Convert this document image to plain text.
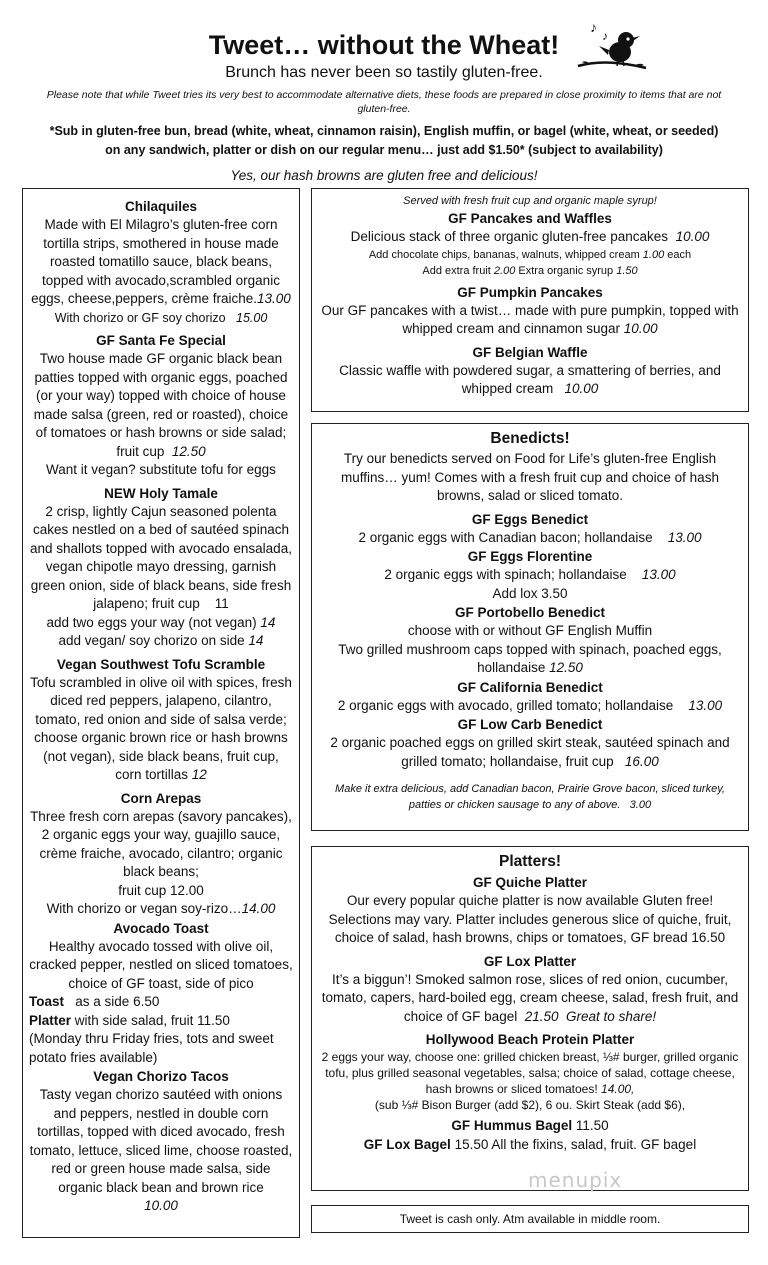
Tweet… without the Wheat!
♪
♪
Brunch has never been so tastily gluten-free.
Please note that while Tweet tries its very best to accommodate alternative diets, these foods are prepared in close proximity to items that are not gluten-free.
*Sub in gluten-free bun, bread (white, wheat, cinnamon raisin), English muffin, or bagel (white, wheat, or seeded)
on any sandwich, platter or dish on our regular menu… just add $1.50* (subject to availability)
Yes, our hash browns are gluten free and delicious!

Chilaquiles

Made with El Milagro’s gluten-free corn tortilla strips, smothered in house made roasted tomatillo sauce, black beans, topped with avocado,scrambled organic eggs, cheese,peppers, crème fraiche.13.00

With chorizo or GF soy chorizo 15.00

GF Santa Fe Special

Two house made GF organic black bean patties topped with organic eggs, poached (or your way) topped with choice of house made salsa (green, red or roasted), choice of tomatoes or hash browns or side salad; fruit cup 12.50

Want it vegan? substitute tofu for eggs

NEW Holy Tamale

2 crisp, lightly Cajun seasoned polenta cakes nestled on a bed of sautéed spinach and shallots topped with avocado ensalada, vegan chipotle mayo dressing, garnish green onion, side of black beans, side fresh jalapeno; fruit cup 11

add two eggs your way (not vegan) 14

add vegan/ soy chorizo on side 14

Vegan Southwest Tofu Scramble

Tofu scrambled in olive oil with spices, fresh diced red peppers, jalapeno, cilantro, tomato, red onion and side of salsa verde; choose organic brown rice or hash browns (not vegan), side black beans, fruit cup, corn tortillas 12

Corn Arepas

Three fresh corn arepas (savory pancakes), 2 organic eggs your way, guajillo sauce, crème fraiche, avocado, cilantro; organic black beans;

fruit cup 12.00

With chorizo or vegan soy-rizo…14.00

Avocado Toast

Healthy avocado tossed with olive oil, cracked pepper, nestled on sliced tomatoes, choice of GF toast, side of pico

Toast as a side 6.50

Platter with side salad, fruit 11.50

(Monday thru Friday fries, tots and sweet potato fries available)

Vegan Chorizo Tacos

Tasty vegan chorizo sautéed with onions and peppers, nestled in double corn tortillas, topped with diced avocado, fresh tomato, lettuce, sliced lime, choose roasted, red or green house made salsa, side organic black bean and brown rice

10.00

Served with fresh fruit cup and organic maple syrup!

GF Pancakes and Waffles

Delicious stack of three organic gluten-free pancakes 10.00

Add chocolate chips, bananas, walnuts, whipped cream 1.00 each

Add extra fruit 2.00 Extra organic syrup 1.50

GF Pumpkin Pancakes

Our GF pancakes with a twist… made with pure pumpkin, topped with whipped cream and cinnamon sugar 10.00

GF Belgian Waffle

Classic waffle with powdered sugar, a smattering of berries, and whipped cream 10.00

Benedicts!

Try our benedicts served on Food for Life’s gluten-free English muffins… yum! Comes with a fresh fruit cup and choice of hash browns, salad or sliced tomato.

GF Eggs Benedict

2 organic eggs with Canadian bacon; hollandaise 13.00

GF Eggs Florentine

2 organic eggs with spinach; hollandaise 13.00

Add lox 3.50

GF Portobello Benedict

choose with or without GF English Muffin

Two grilled mushroom caps topped with spinach, poached eggs, hollandaise 12.50

GF California Benedict

2 organic eggs with avocado, grilled tomato; hollandaise 13.00

GF Low Carb Benedict

2 organic poached eggs on grilled skirt steak, sautéed spinach and grilled tomato; hollandaise, fruit cup 16.00

Make it extra delicious, add Canadian bacon, Prairie Grove bacon, sliced turkey, patties or chicken sausage to any of above. 3.00

Platters!

GF Quiche Platter

Our every popular quiche platter is now available Gluten free! Selections may vary. Platter includes generous slice of quiche, fruit, choice of salad, hash browns, chips or tomatoes, GF bread 16.50

GF Lox Platter

It’s a biggun’! Smoked salmon rose, slices of red onion, cucumber, tomato, capers, hard-boiled egg, cream cheese, salad, fresh fruit, and choice of GF bagel 21.50 Great to share!

Hollywood Beach Protein Platter

2 eggs your way, choose one: grilled chicken breast, ⅓# burger, grilled organic tofu, plus grilled seasonal vegetables, salsa; choice of salad, cottage cheese, hash browns or sliced tomatoes! 14.00,

(sub ⅓# Bison Burger (add $2), 6 ou. Skirt Steak (add $6),

GF Hummus Bagel 11.50

GF Lox Bagel 15.50 All the fixins, salad, fruit. GF bagel

menupix

Tweet is cash only. Atm available in middle room.
